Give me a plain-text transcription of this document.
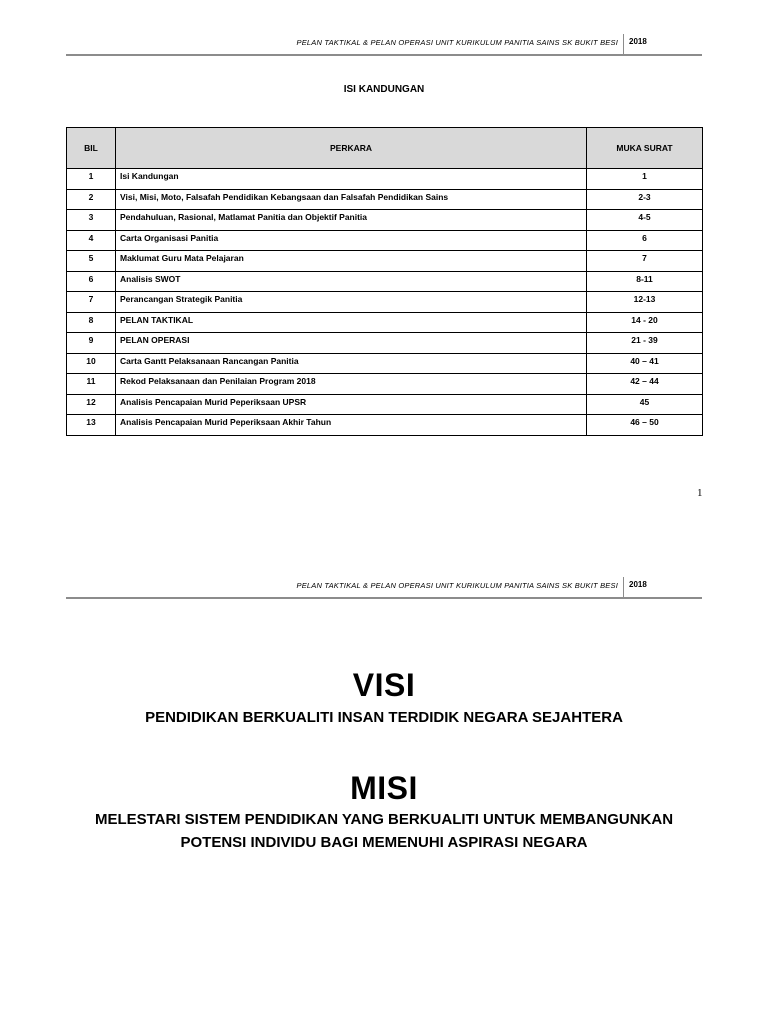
PELAN TAKTIKAL & PELAN OPERASI UNIT KURIKULUM PANITIA SAINS SK BUKIT BESI 2018
ISI KANDUNGAN
BIL	PERKARA	MUKA SURAT
1	Isi Kandungan	1
2	Visi, Misi, Moto, Falsafah Pendidikan Kebangsaan dan Falsafah Pendidikan Sains	2-3
3	Pendahuluan, Rasional, Matlamat Panitia dan Objektif Panitia	4-5
4	Carta Organisasi Panitia	6
5	Maklumat Guru Mata Pelajaran	7
6	Analisis SWOT	8-11
7	Perancangan Strategik Panitia	12-13
8	PELAN TAKTIKAL	14 - 20
9	PELAN OPERASI	21 - 39
10	Carta Gantt Pelaksanaan Rancangan Panitia	40 – 41
11	Rekod Pelaksanaan dan Penilaian Program 2018	42 – 44
12	Analisis Pencapaian Murid Peperiksaan UPSR	45
13	Analisis Pencapaian Murid Peperiksaan Akhir Tahun	46 – 50
1
PELAN TAKTIKAL & PELAN OPERASI UNIT KURIKULUM PANITIA SAINS SK BUKIT BESI 2018
VISI
PENDIDIKAN BERKUALITI INSAN TERDIDIK NEGARA SEJAHTERA
MISI
MELESTARI SISTEM PENDIDIKAN YANG BERKUALITI UNTUK MEMBANGUNKAN
POTENSI INDIVIDU BAGI MEMENUHI ASPIRASI NEGARA
